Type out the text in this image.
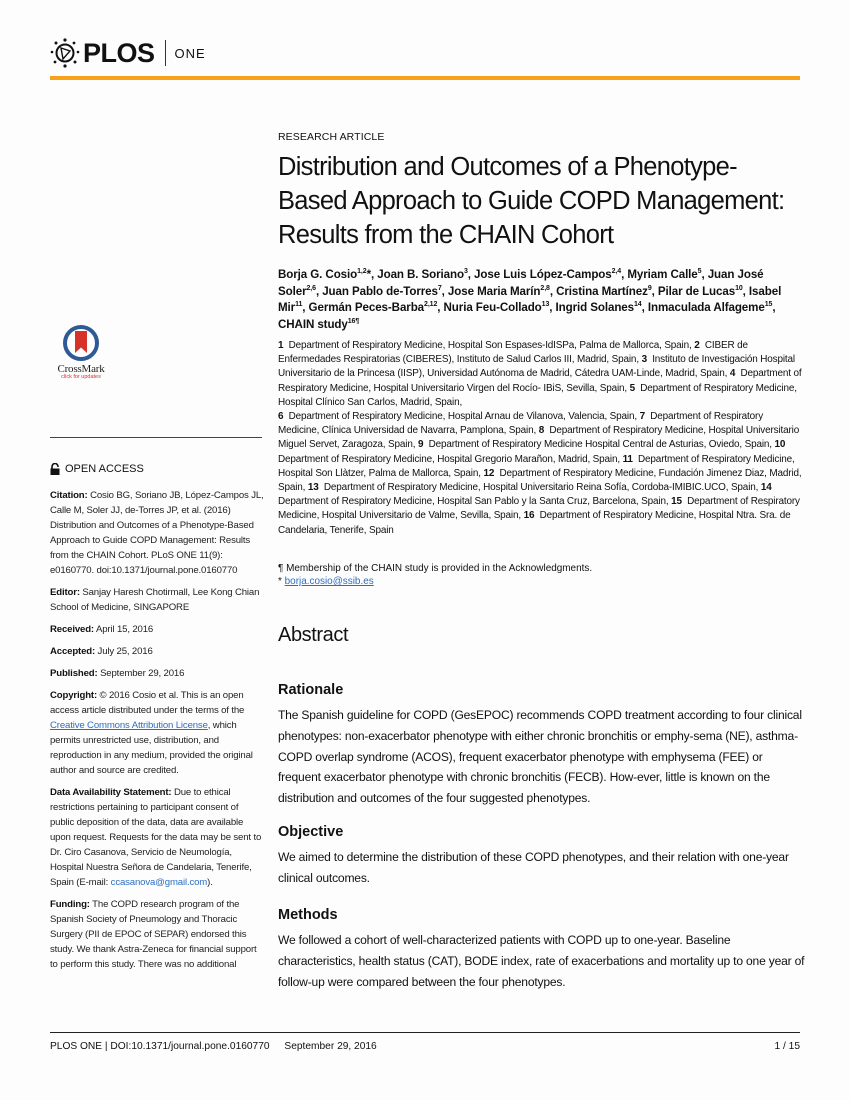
PLOS ONE
CrossMark
click for updates
OPEN ACCESS

Citation: Cosio BG, Soriano JB, López-Campos JL, Calle M, Soler JJ, de-Torres JP, et al. (2016) Distribution and Outcomes of a Phenotype-Based Approach to Guide COPD Management: Results from the CHAIN Cohort. PLoS ONE 11(9): e0160770. doi:10.1371/journal.pone.0160770

Editor: Sanjay Haresh Chotirmall, Lee Kong Chian School of Medicine, SINGAPORE

Received: April 15, 2016

Accepted: July 25, 2016

Published: September 29, 2016

Copyright: © 2016 Cosio et al. This is an open access article distributed under the terms of the Creative Commons Attribution License, which permits unrestricted use, distribution, and reproduction in any medium, provided the original author and source are credited.

Data Availability Statement: Due to ethical restrictions pertaining to participant consent of public deposition of the data, data are available upon request. Requests for the data may be sent to Dr. Ciro Casanova, Servicio de Neumología, Hospital Nuestra Señora de Candelaria, Tenerife, Spain (E-mail: ccasanova@gmail.com).

Funding: The COPD research program of the Spanish Society of Pneumology and Thoracic Surgery (PII de EPOC of SEPAR) endorsed this study. We thank Astra-Zeneca for financial support to perform this study. There was no additional

RESEARCH ARTICLE
Distribution and Outcomes of a Phenotype-
Based Approach to Guide COPD Management:
Results from the CHAIN Cohort
Borja G. Cosio$^{1,2}$*, Joan B. Soriano$^3$, Jose Luis López-Campos$^{2,4}$, Myriam Calle$^5$, Juan José Soler$^{2,6}$, Juan Pablo de-Torres$^7$, Jose Maria Marín$^{2,8}$, Cristina Martínez$^9$, Pilar de Lucas$^{10}$, Isabel Mir$^{11}$, Germán Peces-Barba$^{2,12}$, Nuria Feu-Collado$^{13}$, Ingrid Solanes$^{14}$, Inmaculada Alfageme$^{15}$, CHAIN study$^{16\P}$
1 Department of Respiratory Medicine, Hospital Son Espases-IdISPa, Palma de Mallorca, Spain, 2 CIBER de Enfermedades Respiratorias (CIBERES), Instituto de Salud Carlos III, Madrid, Spain, 3 Instituto de Investigación Hospital Universitario de la Princesa (IISP), Universidad Autónoma de Madrid, Cátedra UAM-Linde, Madrid, Spain, 4 Department of Respiratory Medicine, Hospital Universitario Virgen del Rocío- IBiS, Sevilla, Spain, 5 Department of Respiratory Medicine, Hospital Clínico San Carlos, Madrid, Spain,
6 Department of Respiratory Medicine, Hospital Arnau de Vilanova, Valencia, Spain, 7 Department of Respiratory Medicine, Clínica Universidad de Navarra, Pamplona, Spain, 8 Department of Respiratory Medicine, Hospital Universitario Miguel Servet, Zaragoza, Spain, 9 Department of Respiratory Medicine Hospital Central de Asturias, Oviedo, Spain, 10  Department of Respiratory Medicine, Hospital Gregorio Marañon, Madrid, Spain, 11 Department of Respiratory Medicine, Hospital Son Llàtzer, Palma de Mallorca, Spain, 12 Department of Respiratory Medicine, Fundación Jimenez Diaz, Madrid, Spain, 13 Department of Respiratory Medicine, Hospital Universitario Reina Sofía, Cordoba-IMIBIC.UCO, Spain, 14  Department of Respiratory Medicine, Hospital San Pablo y la Santa Cruz, Barcelona, Spain, 15 Department of Respiratory Medicine, Hospital Universitario de Valme, Sevilla, Spain, 16 Department of Respiratory Medicine, Hospital Ntra. Sra. de Candelaria, Tenerife, Spain
¶ Membership of the CHAIN study is provided in the Acknowledgments.
* borja.cosio@ssib.es
Abstract
Rationale
The Spanish guideline for COPD (GesEPOC) recommends COPD treatment according to four clinical phenotypes: non-exacerbator phenotype with either chronic bronchitis or emphy-sema (NE), asthma-COPD overlap syndrome (ACOS), frequent exacerbator phenotype with emphysema (FEE) or frequent exacerbator phenotype with chronic bronchitis (FECB). How-ever, little is known on the distribution and outcomes of the four suggested phenotypes.
Objective
We aimed to determine the distribution of these COPD phenotypes, and their relation with one-year clinical outcomes.
Methods
We followed a cohort of well-characterized patients with COPD up to one-year. Baseline characteristics, health status (CAT), BODE index, rate of exacerbations and mortality up to one year of follow-up were compared between the four phenotypes.
PLOS ONE | DOI:10.1371/journal.pone.0160770 September 29, 2016	1 / 15
